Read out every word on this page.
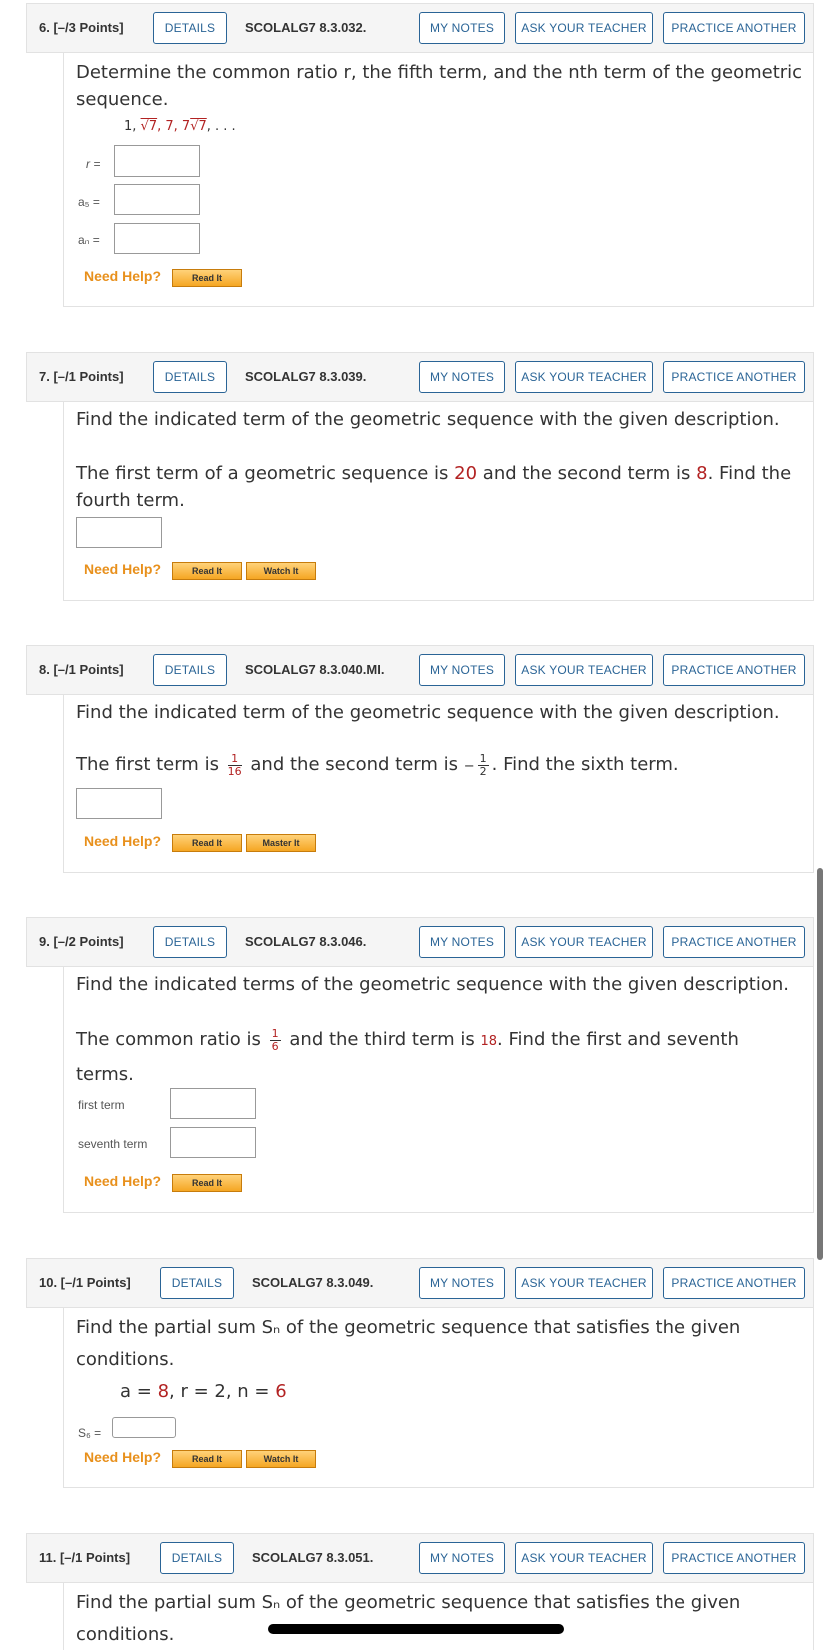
6. [–/3 Points]	DETAILS	SCOLALG7 8.3.032.	MY NOTES	ASK YOUR TEACHER	PRACTICE ANOTHER
Determine the common ratio r, the fifth term, and the nth term of the geometric
sequence.
1, √7, 7, 7√7, . . .
r =
a₅ =
aₙ =
Need Help?	Read It
7. [–/1 Points]	DETAILS	SCOLALG7 8.3.039.	MY NOTES	ASK YOUR TEACHER	PRACTICE ANOTHER
Find the indicated term of the geometric sequence with the given description.
The first term of a geometric sequence is 20 and the second term is 8. Find the
fourth term.
Need Help?	Read It	Watch It
8. [–/1 Points]	DETAILS	SCOLALG7 8.3.040.MI.	MY NOTES	ASK YOUR TEACHER	PRACTICE ANOTHER
Find the indicated term of the geometric sequence with the given description.
The first term is $\frac{1}{16}$ and the second term is − $\frac{1}{2}$ . Find the sixth term.
Need Help?	Read It	Master It
9. [–/2 Points]	DETAILS	SCOLALG7 8.3.046.	MY NOTES	ASK YOUR TEACHER	PRACTICE ANOTHER
Find the indicated terms of the geometric sequence with the given description.
The common ratio is $\frac{1}{6}$ and the third term is 18. Find the first and seventh
terms.
first term
seventh term
Need Help?	Read It
10. [–/1 Points]	DETAILS	SCOLALG7 8.3.049.	MY NOTES	ASK YOUR TEACHER	PRACTICE ANOTHER
Find the partial sum Sₙ of the geometric sequence that satisfies the given
conditions.
a = 8, r = 2, n = 6
S₆ =
Need Help?	Read It	Watch It
11. [–/1 Points]	DETAILS	SCOLALG7 8.3.051.	MY NOTES	ASK YOUR TEACHER	PRACTICE ANOTHER
Find the partial sum Sₙ of the geometric sequence that satisfies the given
conditions.
